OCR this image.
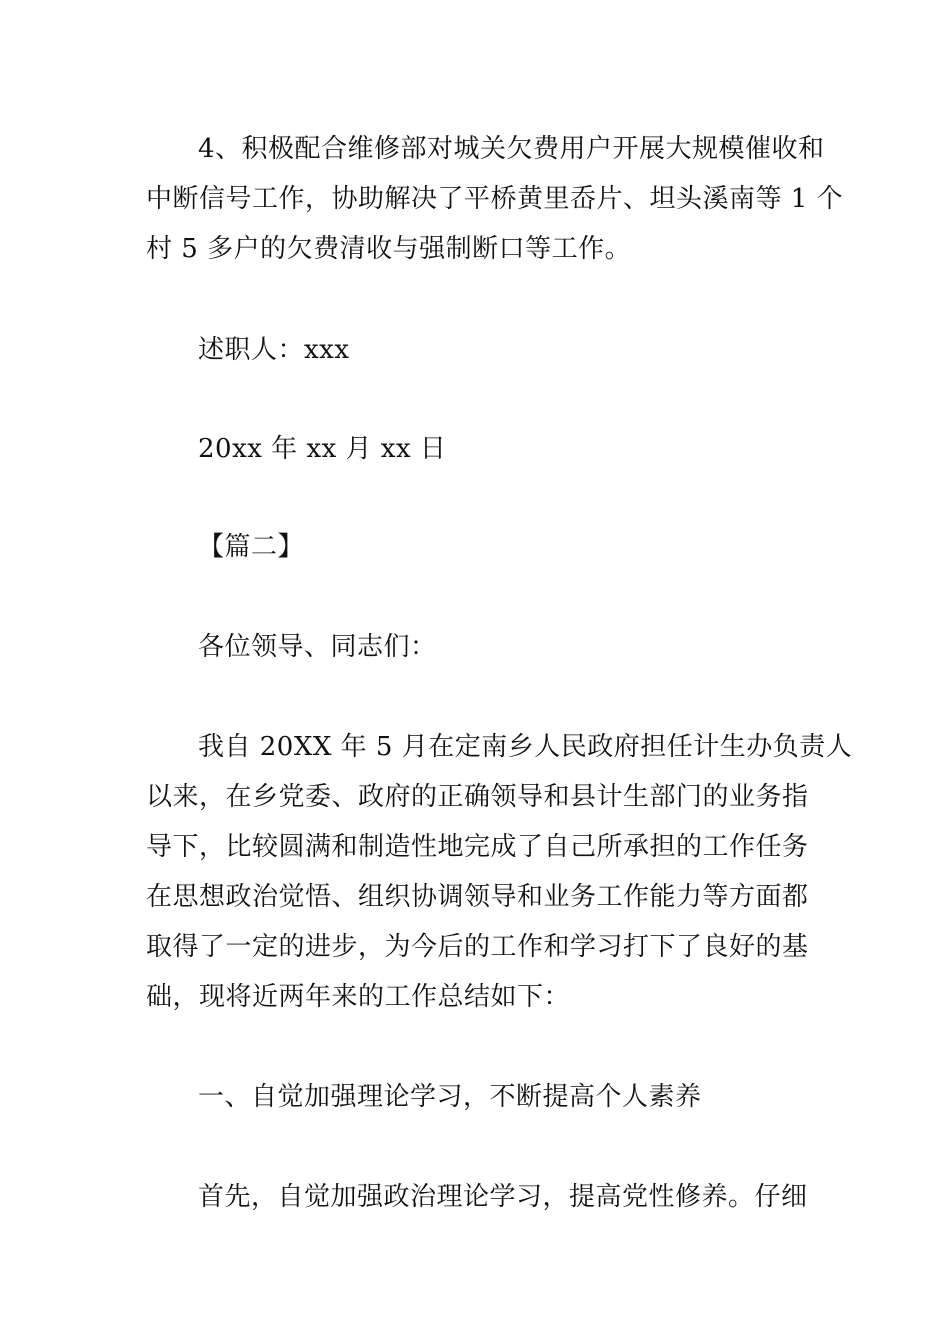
4、积极配合维修部对城关欠费用户开展大规模催收和
中断信号工作，协助解决了平桥黄里岙片、坦头溪南等 1 个
村 5 多户的欠费清收与强制断口等工作。
述职人：xxx
20xx 年 xx 月 xx 日
【篇二】
各位领导、同志们：
我自 20XX 年 5 月在定南乡人民政府担任计生办负责人
以来，在乡党委、政府的正确领导和县计生部门的业务指
导下，比较圆满和制造性地完成了自己所承担的工作任务
在思想政治觉悟、组织协调领导和业务工作能力等方面都
取得了一定的进步，为今后的工作和学习打下了良好的基
础，现将近两年来的工作总结如下：
一、自觉加强理论学习，不断提高个人素养
首先，自觉加强政治理论学习，提高党性修养。仔细
